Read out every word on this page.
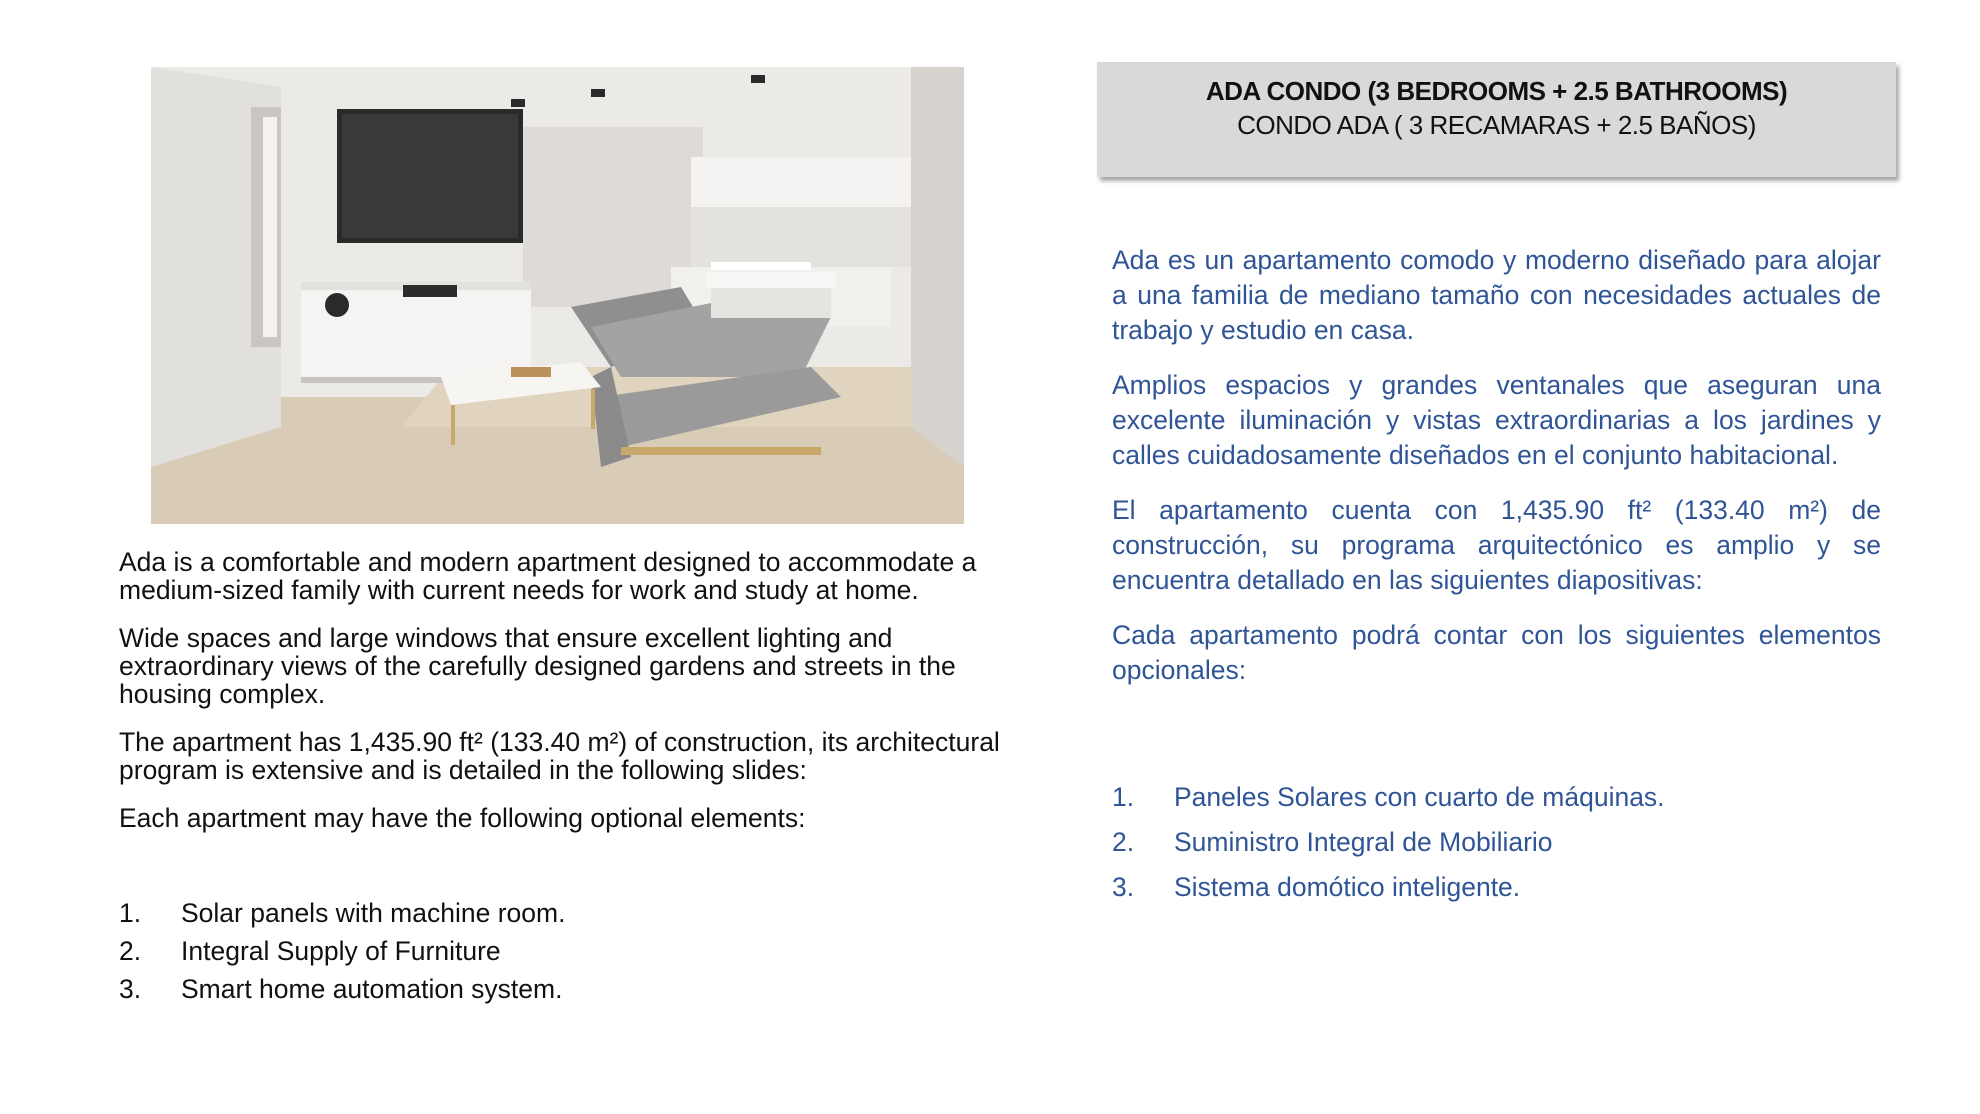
Ada is a comfortable and modern apartment designed to accommodate a medium-sized family with current needs for work and study at home.

Wide spaces and large windows that ensure excellent lighting and extraordinary views of the carefully designed gardens and streets in the housing complex.

The apartment has 1,435.90 ft² (133.40 m²) of construction, its architectural program is extensive and is detailed in the following slides:

Each apartment may have the following optional elements:

1.	Solar panels with machine room.
2.	Integral Supply of Furniture
3.	Smart home automation system.
ADA CONDO (3 BEDROOMS + 2.5 BATHROOMS)
CONDO ADA ( 3 RECAMARAS + 2.5 BAÑOS)

Ada es un apartamento comodo y moderno diseñado para alojar a una familia de mediano tamaño con necesidades actuales de trabajo y estudio en casa.

Amplios espacios y grandes ventanales que aseguran una excelente iluminación y vistas extraordinarias a los jardines y calles cuidadosamente diseñados en el conjunto habitacional.

El apartamento cuenta con 1,435.90 ft² (133.40 m²) de construcción, su programa arquitectónico es amplio y se encuentra detallado en las siguientes diapositivas:

Cada apartamento podrá contar con los siguientes elementos opcionales:

1.	Paneles Solares con cuarto de máquinas.
2.	Suministro Integral de Mobiliario
3.	Sistema domótico inteligente.
